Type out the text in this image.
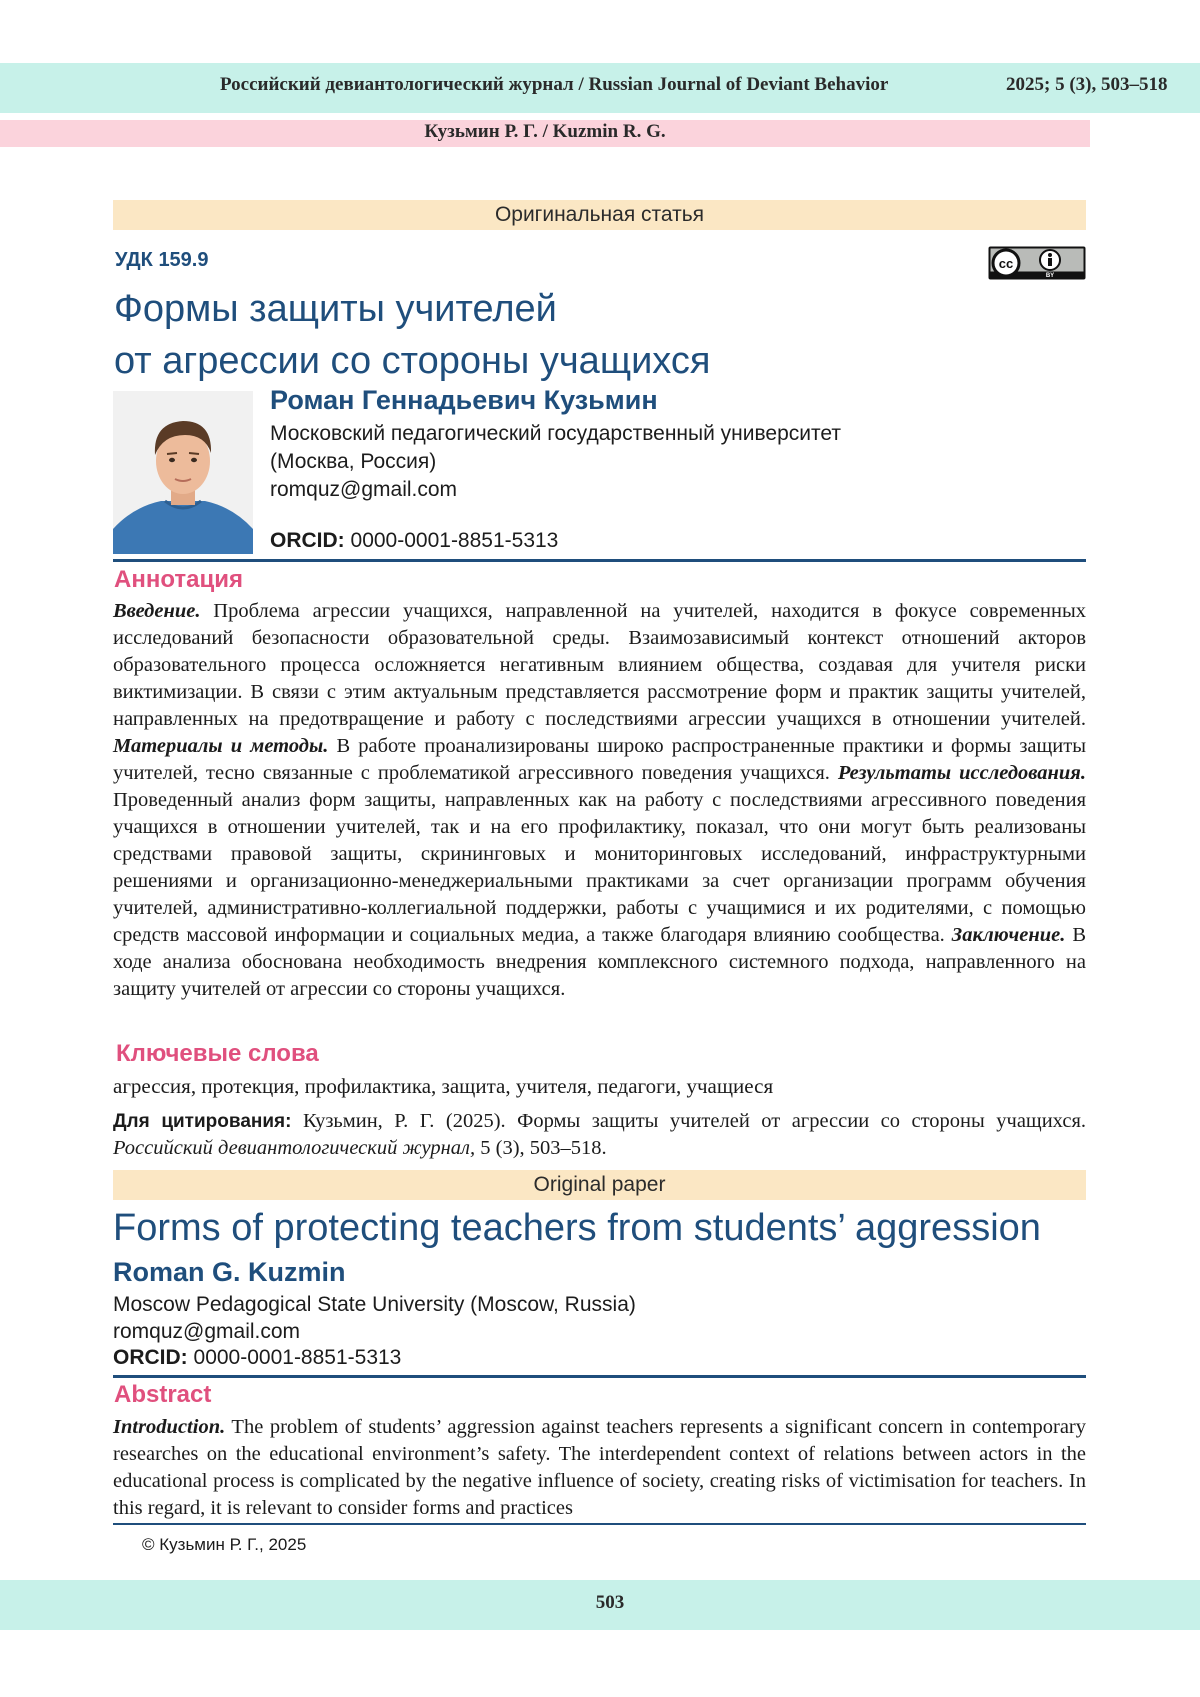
Российский девиантологический журнал / Russian Journal of Deviant Behavior	2025; 5 (3), 503–518
Кузьмин Р. Г. / Kuzmin R. G.
Оригинальная статья
УДК 159.9	cc
BY
Формы защиты учителей
от агрессии со стороны учащихся
Роман Геннадьевич Кузьмин
Московский педагогический государственный университет
(Москва, Россия)
romquz@gmail.com
ORCID: 0000-0001-8851-5313
Аннотация
Введение. Проблема агрессии учащихся, направленной на учителей, находится в фокусе современных исследований безопасности образовательной среды. Взаимозависимый контекст отношений акторов образовательного процесса осложняется негативным влиянием общества, создавая для учителя риски виктимизации. В связи с этим актуальным представляется рассмотрение форм и практик защиты учителей, направленных на предотвращение и работу с последствиями агрессии учащихся в отношении учителей. Материалы и методы. В работе проанализированы широко распространенные практики и формы защиты учителей, тесно связанные с проблематикой агрессивного поведения учащихся. Результаты исследования. Проведенный анализ форм защиты, направленных как на работу с последствиями агрессивного поведения учащихся в отношении учителей, так и на его профилактику, показал, что они могут быть реализованы средствами правовой защиты, скрининговых и мониторинговых исследований, инфраструктурными решениями и организационно-менеджериальными практиками за счет организации программ обучения учителей, административно-коллегиальной поддержки, работы с учащимися и их родителями, с помощью средств массовой информации и социальных медиа, а также благодаря влиянию сообщества. Заключение. В ходе анализа обоснована необходимость внедрения комплексного системного подхода, направленного на защиту учителей от агрессии со стороны учащихся.
Ключевые слова
агрессия, протекция, профилактика, защита, учителя, педагоги, учащиеся
Для цитирования: Кузьмин, Р. Г. (2025). Формы защиты учителей от агрессии со стороны учащихся. Российский девиантологический журнал, 5 (3), 503–518.
Original paper
Forms of protecting teachers from students’ aggression
Roman G. Kuzmin
Moscow Pedagogical State University (Moscow, Russia)
romquz@gmail.com
ORCID: 0000-0001-8851-5313
Abstract
Introduction. The problem of students’ aggression against teachers represents a significant concern in contemporary researches on the educational environment’s safety. The interdependent context of relations between actors in the educational process is complicated by the negative influence of society, creating risks of victimisation for teachers. In this regard, it is relevant to consider forms and practices
© Кузьмин Р. Г., 2025
503
